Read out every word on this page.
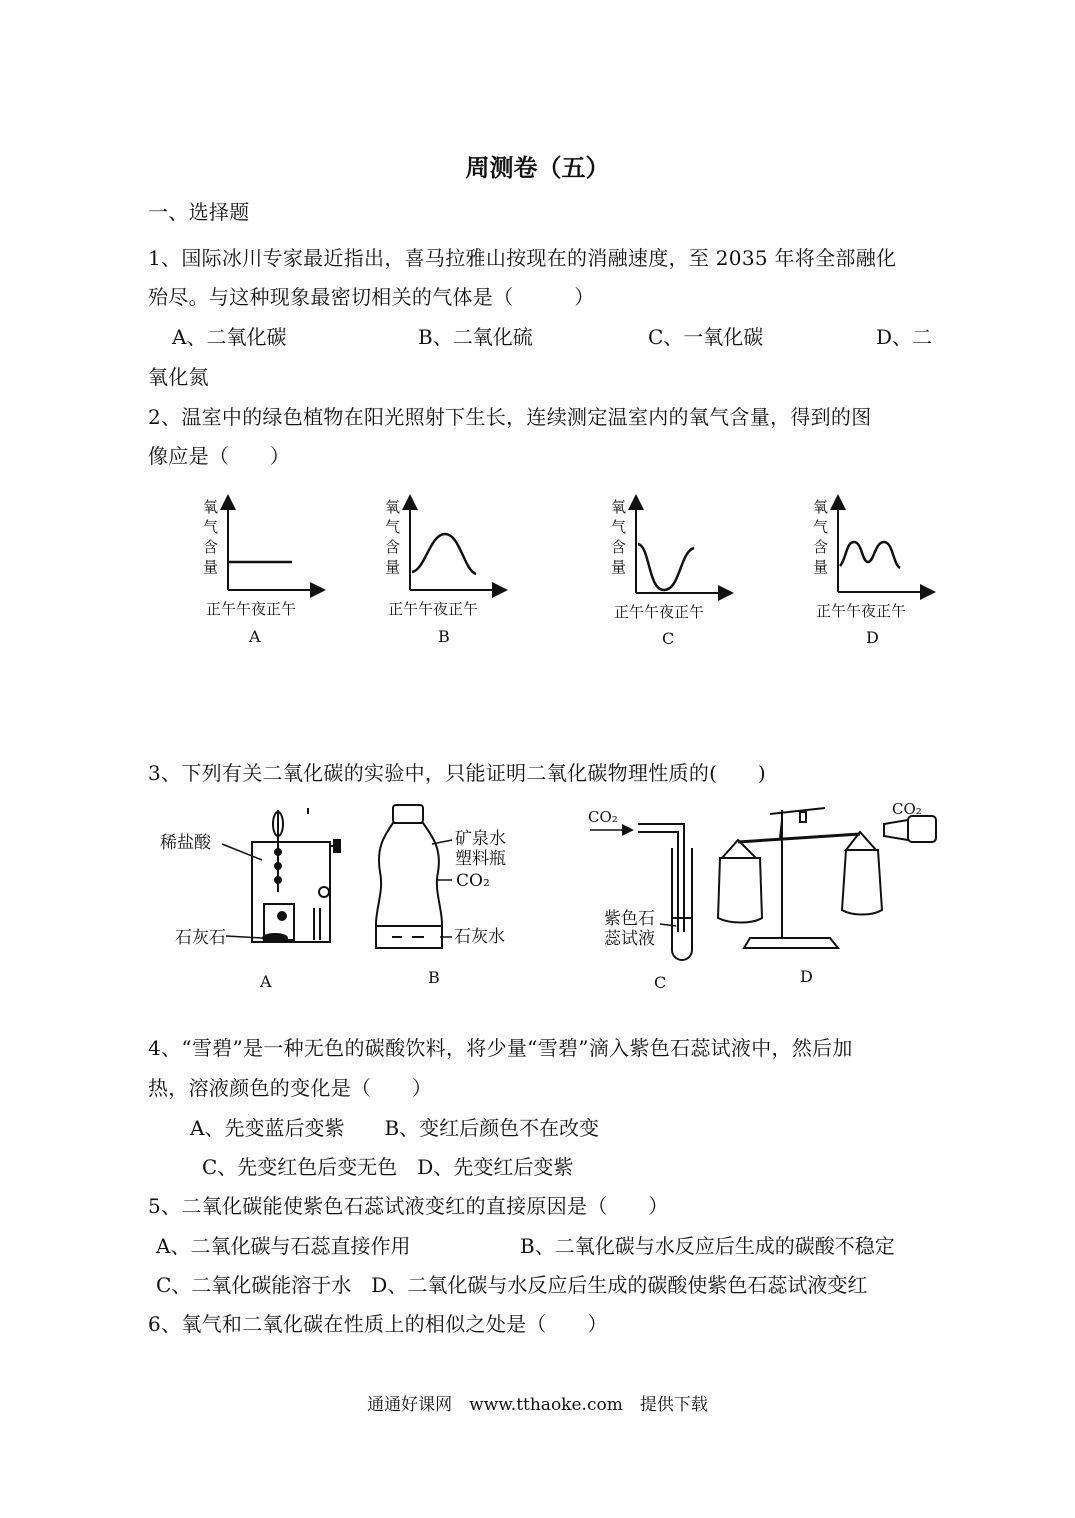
周测卷（五）
一、选择题
1、国际冰川专家最近指出，喜马拉雅山按现在的消融速度，至 2035 年将全部融化
殆尽。与这种现象最密切相关的气体是（　　　）
A、二氧化碳	B、二氧化硫	C、一氧化碳	D、二
氧化氮
2、温室中的绿色植物在阳光照射下生长，连续测定温室内的氧气含量，得到的图
像应是（　　）
氧
气
含
量
正午午夜正午
A
氧
气
含
量
正午午夜正午
B
氧
气
含
量
正午午夜正午
C
氧
气
含
量
正午午夜正午
D
3、下列有关二氧化碳的实验中，只能证明二氧化碳物理性质的(　　)
稀盐酸
石灰石
A
矿泉水
塑料瓶
CO₂
石灰水
B
CO₂
紫色石
蕊试液
C
CO₂
D
4、“雪碧”是一种无色的碳酸饮料，将少量“雪碧”滴入紫色石蕊试液中，然后加
热，溶液颜色的变化是（　　）
A、先变蓝后变紫　　B、变红后颜色不在改变
C、先变红色后变无色　D、先变红后变紫
5、二氧化碳能使紫色石蕊试液变红的直接原因是（　　）
A、二氧化碳与石蕊直接作用	B、二氧化碳与水反应后生成的碳酸不稳定
C、二氧化碳能溶于水　D、二氧化碳与水反应后生成的碳酸使紫色石蕊试液变红
6、氧气和二氧化碳在性质上的相似之处是（　　）
通通好课网　www.tthaoke.com　提供下载
